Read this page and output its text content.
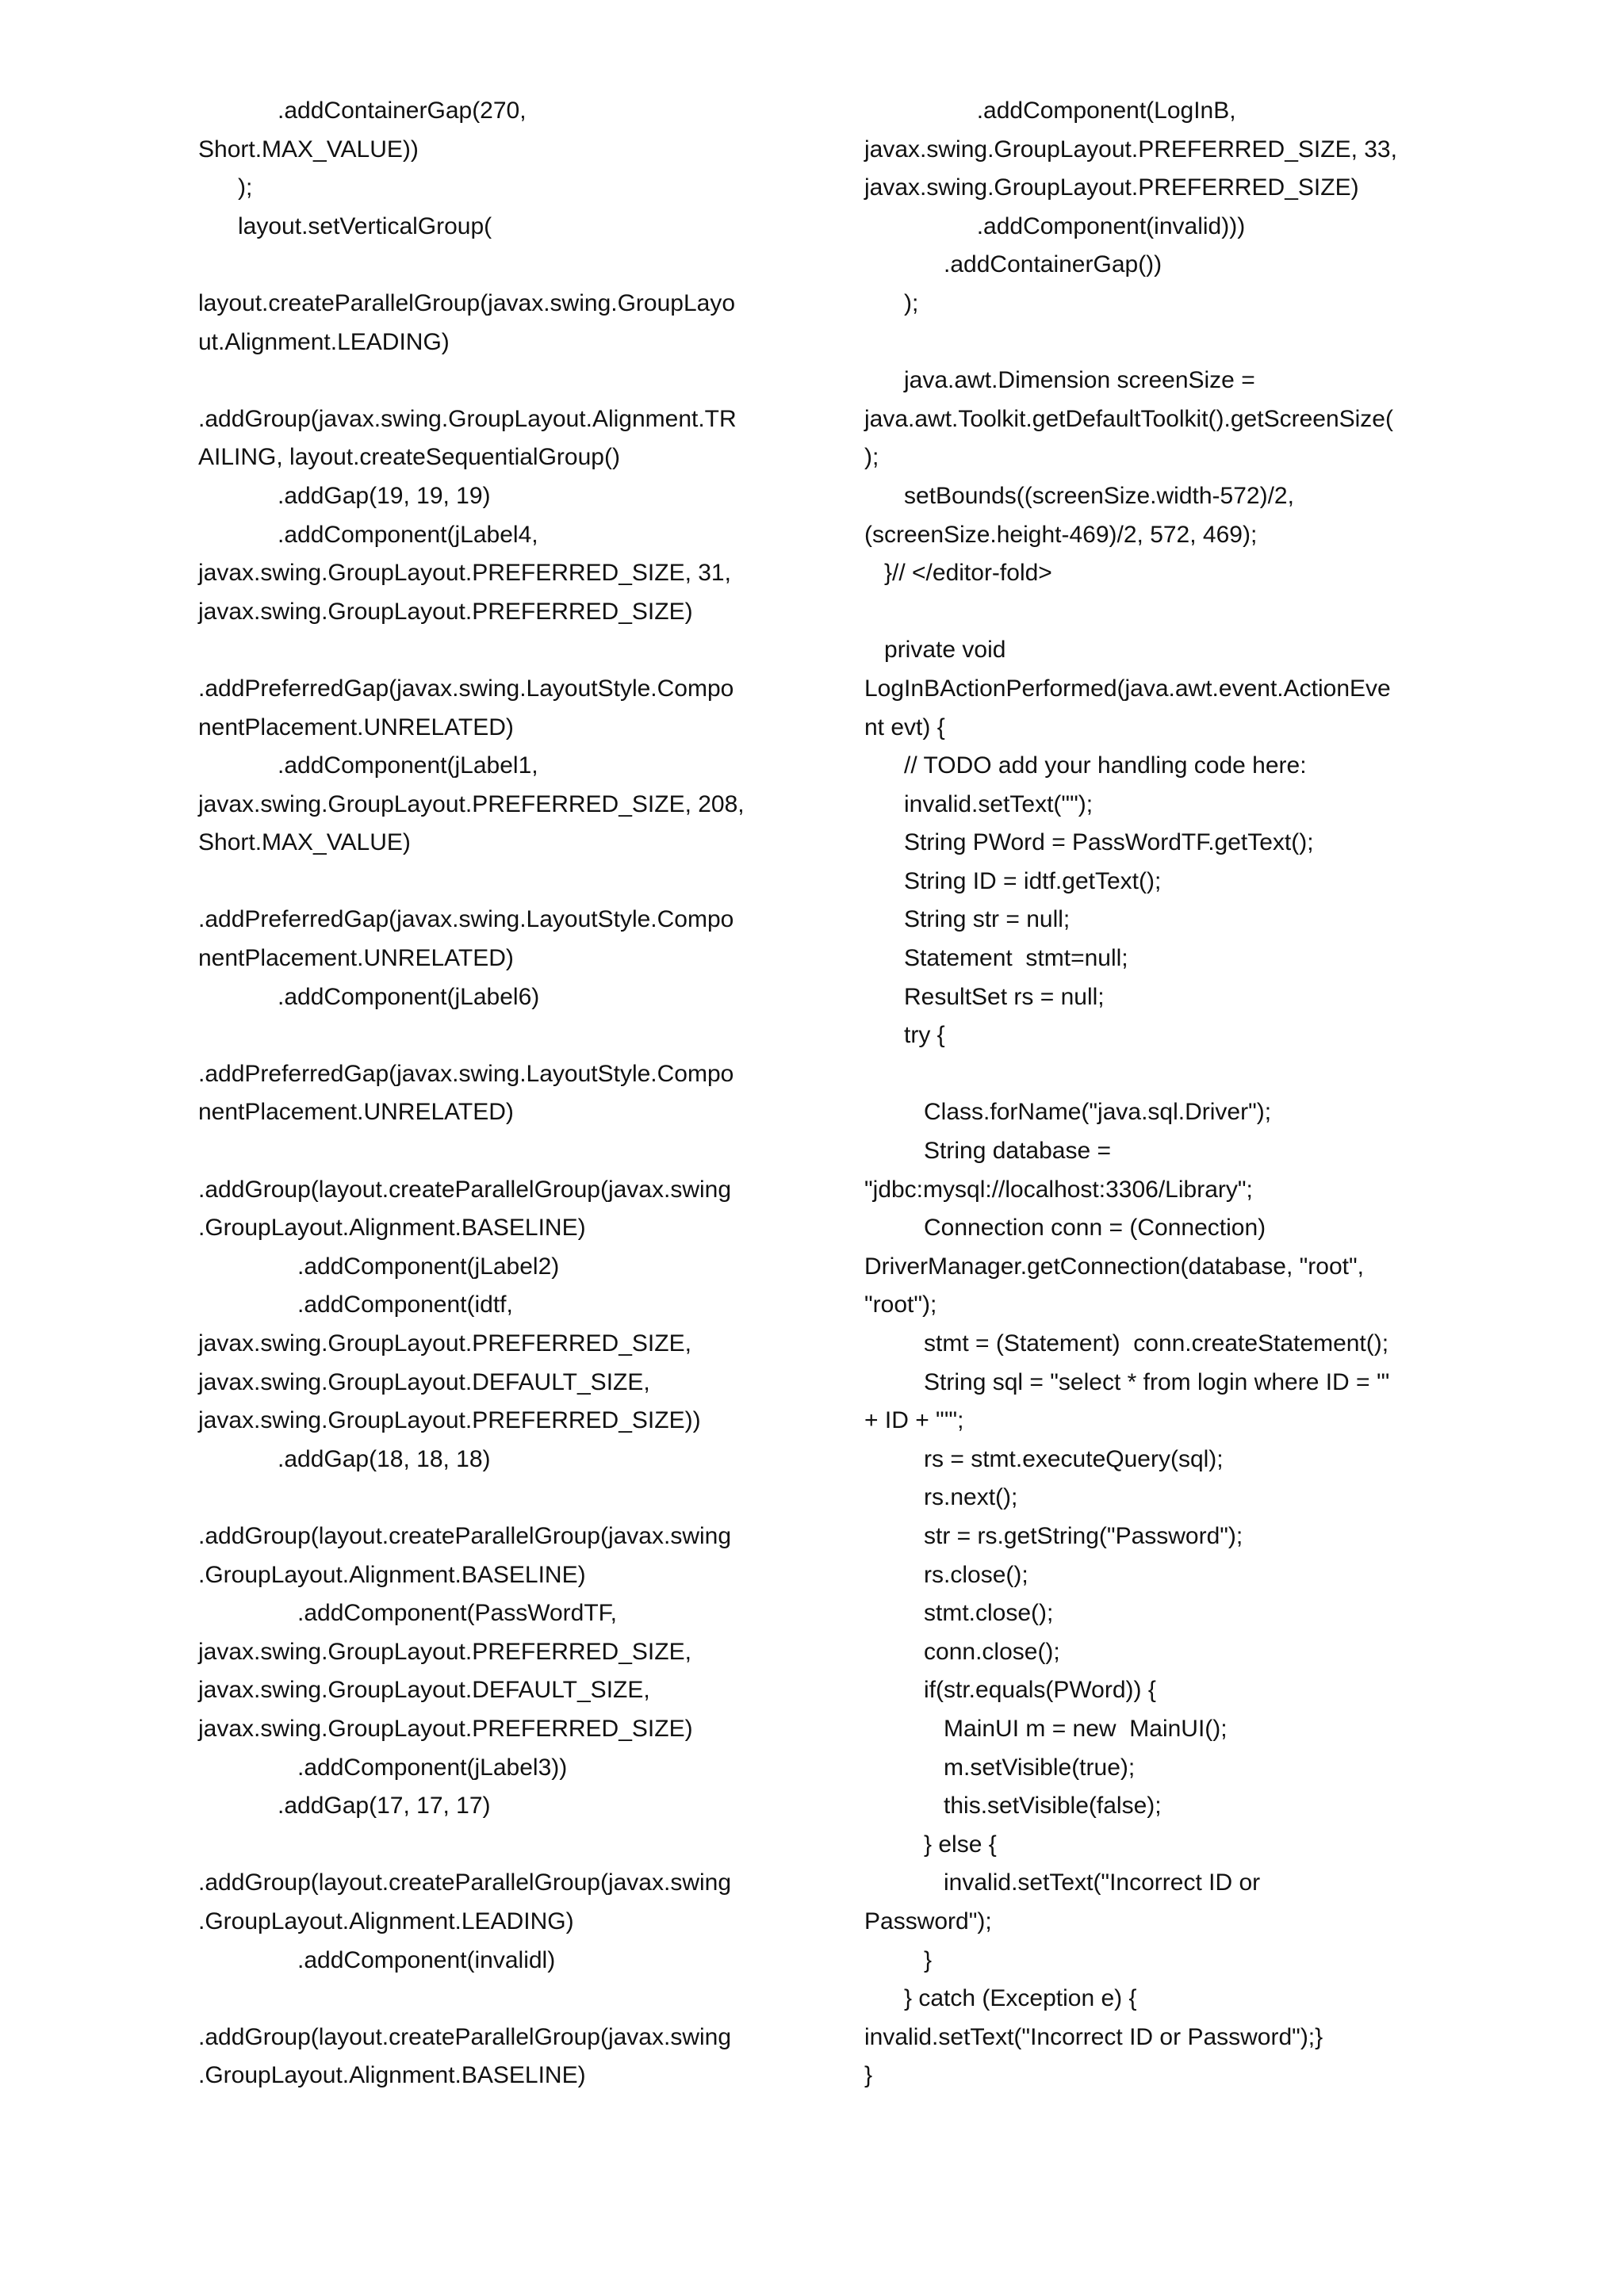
.addContainerGap(270,
Short.MAX_VALUE))
);
layout.setVerticalGroup(
layout.createParallelGroup(javax.swing.GroupLayo
ut.Alignment.LEADING)
.addGroup(javax.swing.GroupLayout.Alignment.TR
AILING, layout.createSequentialGroup()
.addGap(19, 19, 19)
.addComponent(jLabel4,
javax.swing.GroupLayout.PREFERRED_SIZE, 31,
javax.swing.GroupLayout.PREFERRED_SIZE)
.addPreferredGap(javax.swing.LayoutStyle.Compo
nentPlacement.UNRELATED)
.addComponent(jLabel1,
javax.swing.GroupLayout.PREFERRED_SIZE, 208,
Short.MAX_VALUE)
.addPreferredGap(javax.swing.LayoutStyle.Compo
nentPlacement.UNRELATED)
.addComponent(jLabel6)
.addPreferredGap(javax.swing.LayoutStyle.Compo
nentPlacement.UNRELATED)
.addGroup(layout.createParallelGroup(javax.swing
.GroupLayout.Alignment.BASELINE)
.addComponent(jLabel2)
.addComponent(idtf,
javax.swing.GroupLayout.PREFERRED_SIZE,
javax.swing.GroupLayout.DEFAULT_SIZE,
javax.swing.GroupLayout.PREFERRED_SIZE))
.addGap(18, 18, 18)
.addGroup(layout.createParallelGroup(javax.swing
.GroupLayout.Alignment.BASELINE)
.addComponent(PassWordTF,
javax.swing.GroupLayout.PREFERRED_SIZE,
javax.swing.GroupLayout.DEFAULT_SIZE,
javax.swing.GroupLayout.PREFERRED_SIZE)
.addComponent(jLabel3))
.addGap(17, 17, 17)
.addGroup(layout.createParallelGroup(javax.swing
.GroupLayout.Alignment.LEADING)
.addComponent(invalidl)
.addGroup(layout.createParallelGroup(javax.swing
.GroupLayout.Alignment.BASELINE)
.addComponent(LogInB,
javax.swing.GroupLayout.PREFERRED_SIZE, 33,
javax.swing.GroupLayout.PREFERRED_SIZE)
.addComponent(invalid)))
.addContainerGap())
);
java.awt.Dimension screenSize =
java.awt.Toolkit.getDefaultToolkit().getScreenSize(
);
setBounds((screenSize.width-572)/2,
(screenSize.height-469)/2, 572, 469);
}// </editor-fold>
private void
LogInBActionPerformed(java.awt.event.ActionEve
nt evt) {
// TODO add your handling code here:
invalid.setText("");
String PWord = PassWordTF.getText();
String ID = idtf.getText();
String str = null;
Statement  stmt=null;
ResultSet rs = null;
try {
Class.forName("java.sql.Driver");
String database =
"jdbc:mysql://localhost:3306/Library";
Connection conn = (Connection)
DriverManager.getConnection(database, "root",
"root");
stmt = (Statement)  conn.createStatement();
String sql = "select * from login where ID = '"
+ ID + "'";
rs = stmt.executeQuery(sql);
rs.next();
str = rs.getString("Password");
rs.close();
stmt.close();
conn.close();
if(str.equals(PWord)) {
MainUI m = new  MainUI();
m.setVisible(true);
this.setVisible(false);
} else {
invalid.setText("Incorrect ID or
Password");
}
} catch (Exception e) {
invalid.setText("Incorrect ID or Password");}
}
